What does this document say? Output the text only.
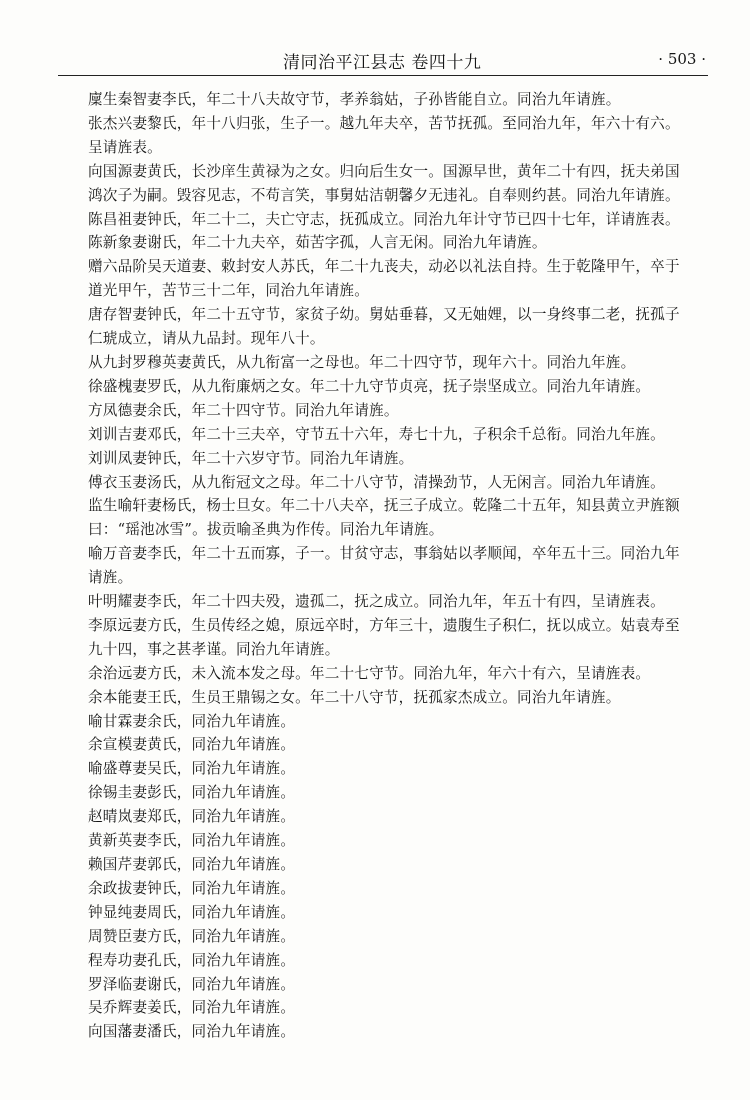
清同治平江县志 卷四十九	· 503 ·

廩生秦智妻李氏，年二十八夫故守节，孝养翁姑，子孙皆能自立。同治九年请旌。

张杰兴妻黎氏，年十八归张，生子一。越九年夫卒，苦节抚孤。至同治九年，年六十有六。呈请旌表。

向国源妻黄氏，长沙庠生黄禄为之女。归向后生女一。国源早世，黄年二十有四，抚夫弟国鸿次子为嗣。毁容见志，不苟言笑，事舅姑洁朝馨夕无违礼。自奉则约甚。同治九年请旌。

陈昌祖妻钟氏，年二十二，夫亡守志，抚孤成立。同治九年计守节已四十七年，详请旌表。

陈新象妻谢氏，年二十九夫卒，茹苦字孤，人言无闲。同治九年请旌。

赠六品阶吴天道妻、敕封安人苏氏，年二十九丧夫，动必以礼法自持。生于乾隆甲午，卒于道光甲午，苦节三十二年，同治九年请旌。

唐存智妻钟氏，年二十五守节，家贫子幼。舅姑垂暮，又无妯娌，以一身终事二老，抚孤子仁琥成立，请从九品封。现年八十。

从九封罗穆英妻黄氏，从九衔富一之母也。年二十四守节，现年六十。同治九年旌。

徐盛槐妻罗氏，从九衔廉炳之女。年二十九守节贞亮，抚子崇坚成立。同治九年请旌。

方凤德妻余氏，年二十四守节。同治九年请旌。

刘训吉妻邓氏，年二十三夫卒，守节五十六年，寿七十九，子积余千总衔。同治九年旌。

刘训凤妻钟氏，年二十六岁守节。同治九年请旌。

傅衣玉妻汤氏，从九衔冠文之母。年二十八守节，清操劲节，人无闲言。同治九年请旌。

监生喻轩妻杨氏，杨士旦女。年二十八夫卒，抚三子成立。乾隆二十五年，知县黄立尹旌额曰：“瑶池冰雪”。拔贡喻圣典为作传。同治九年请旌。

喻万音妻李氏，年二十五而寡，子一。甘贫守志，事翁姑以孝顺闻，卒年五十三。同治九年请旌。

叶明耀妻李氏，年二十四夫殁，遗孤二，抚之成立。同治九年，年五十有四，呈请旌表。

李原远妻方氏，生员传经之媳，原远卒时，方年三十，遗腹生子积仁，抚以成立。姑袁寿至九十四，事之甚孝谨。同治九年请旌。

余治远妻方氏，未入流本发之母。年二十七守节。同治九年，年六十有六，呈请旌表。

余本能妻王氏，生员王鼎锡之女。年二十八守节，抚孤家杰成立。同治九年请旌。

喻甘霖妻余氏，同治九年请旌。

余宣模妻黄氏，同治九年请旌。

喻盛尊妻吴氏，同治九年请旌。

徐锡圭妻彭氏，同治九年请旌。

赵晴岚妻郑氏，同治九年请旌。

黄新英妻李氏，同治九年请旌。

赖国芹妻郭氏，同治九年请旌。

余政拔妻钟氏，同治九年请旌。

钟显纯妻周氏，同治九年请旌。

周赞臣妻方氏，同治九年请旌。

程寿功妻孔氏，同治九年请旌。

罗泽临妻谢氏，同治九年请旌。

吴乔辉妻姜氏，同治九年请旌。

向国藩妻潘氏，同治九年请旌。
